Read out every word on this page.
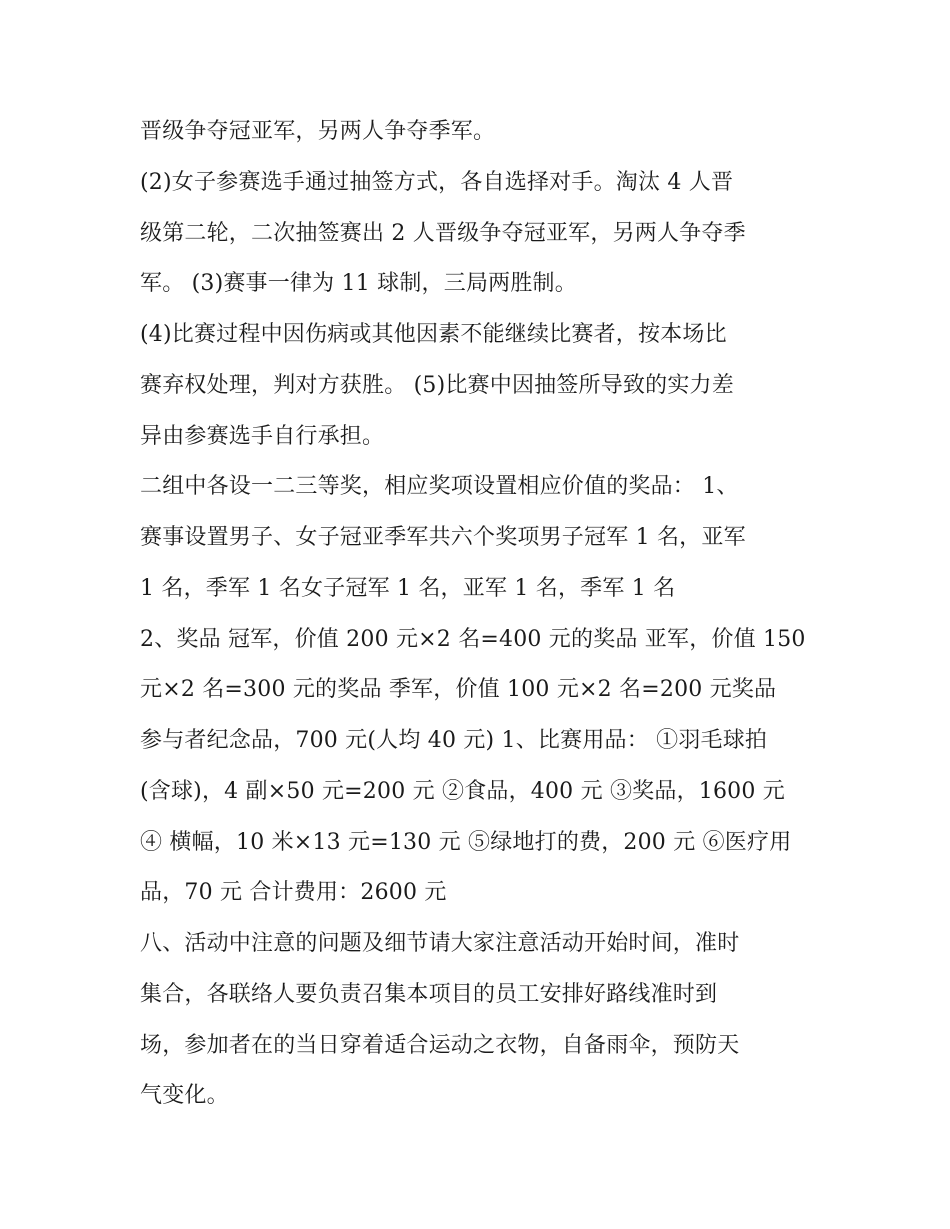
晋级争夺冠亚军，另两人争夺季军。
(2)女子参赛选手通过抽签方式，各自选择对手。淘汰 4 人晋
级第二轮，二次抽签赛出 2 人晋级争夺冠亚军，另两人争夺季
军。 (3)赛事一律为 11 球制，三局两胜制。
(4)比赛过程中因伤病或其他因素不能继续比赛者，按本场比
赛弃权处理，判对方获胜。 (5)比赛中因抽签所导致的实力差
异由参赛选手自行承担。
二组中各设一二三等奖，相应奖项设置相应价值的奖品： 1、
赛事设置男子、女子冠亚季军共六个奖项男子冠军 1 名，亚军
1 名，季军 1 名女子冠军 1 名，亚军 1 名，季军 1 名
2、奖品 冠军，价值 200 元×2 名=400 元的奖品 亚军，价值 150
元×2 名=300 元的奖品 季军，价值 100 元×2 名=200 元奖品
参与者纪念品，700 元(人均 40 元) 1、比赛用品： ①羽毛球拍
(含球)，4 副×50 元=200 元 ②食品，400 元 ③奖品，1600 元
④ 横幅，10 米×13 元=130 元 ⑤绿地打的费，200 元 ⑥医疗用
品，70 元 合计费用：2600 元
八、活动中注意的问题及细节请大家注意活动开始时间，准时
集合，各联络人要负责召集本项目的员工安排好路线准时到
场，参加者在的当日穿着适合运动之衣物，自备雨伞，预防天
气变化。
